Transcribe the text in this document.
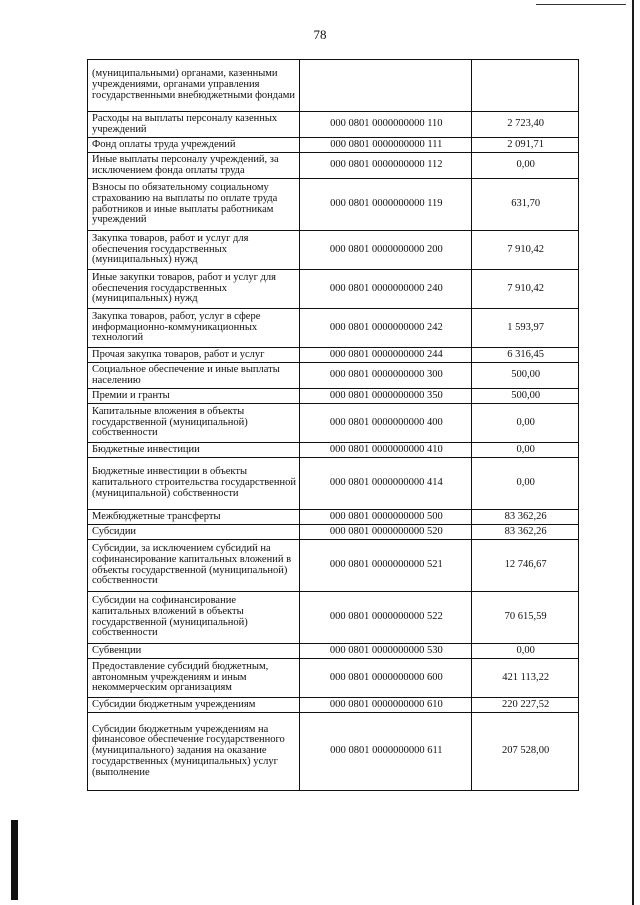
78
(муниципальными) органами, казенными учреждениями, органами управления государственными внебюджетными фондами		
Расходы на выплаты персоналу казенных учреждений	000 0801 0000000000 110	2 723,40
Фонд оплаты труда учреждений	000 0801 0000000000 111	2 091,71
Иные выплаты персоналу учреждений, за исключением фонда оплаты труда	000 0801 0000000000 112	0,00
Взносы по обязательному социальному страхованию на выплаты по оплате труда работников и иные выплаты работникам учреждений	000 0801 0000000000 119	631,70
Закупка товаров, работ и услуг для обеспечения государственных (муниципальных) нужд	000 0801 0000000000 200	7 910,42
Иные закупки товаров, работ и услуг для обеспечения государственных (муниципальных) нужд	000 0801 0000000000 240	7 910,42
Закупка товаров, работ, услуг в сфере информационно-коммуникационных технологий	000 0801 0000000000 242	1 593,97
Прочая закупка товаров, работ и услуг	000 0801 0000000000 244	6 316,45
Социальное обеспечение и иные выплаты населению	000 0801 0000000000 300	500,00
Премии и гранты	000 0801 0000000000 350	500,00
Капитальные вложения в объекты государственной (муниципальной) собственности	000 0801 0000000000 400	0,00
Бюджетные инвестиции	000 0801 0000000000 410	0,00
Бюджетные инвестиции в объекты капитального строительства государственной (муниципальной) собственности	000 0801 0000000000 414	0,00
Межбюджетные трансферты	000 0801 0000000000 500	83 362,26
Субсидии	000 0801 0000000000 520	83 362,26
Субсидии, за исключением субсидий на софинансирование капитальных вложений в объекты государственной (муниципальной) собственности	000 0801 0000000000 521	12 746,67
Субсидии на софинансирование капитальных вложений в объекты государственной (муниципальной) собственности	000 0801 0000000000 522	70 615,59
Субвенции	000 0801 0000000000 530	0,00
Предоставление субсидий бюджетным, автономным учреждениям и иным некоммерческим организациям	000 0801 0000000000 600	421 113,22
Субсидии бюджетным учреждениям	000 0801 0000000000 610	220 227,52
Субсидии бюджетным учреждениям на финансовое обеспечение государственного (муниципального) задания на оказание государственных (муниципальных) услуг (выполнение	000 0801 0000000000 611	207 528,00
